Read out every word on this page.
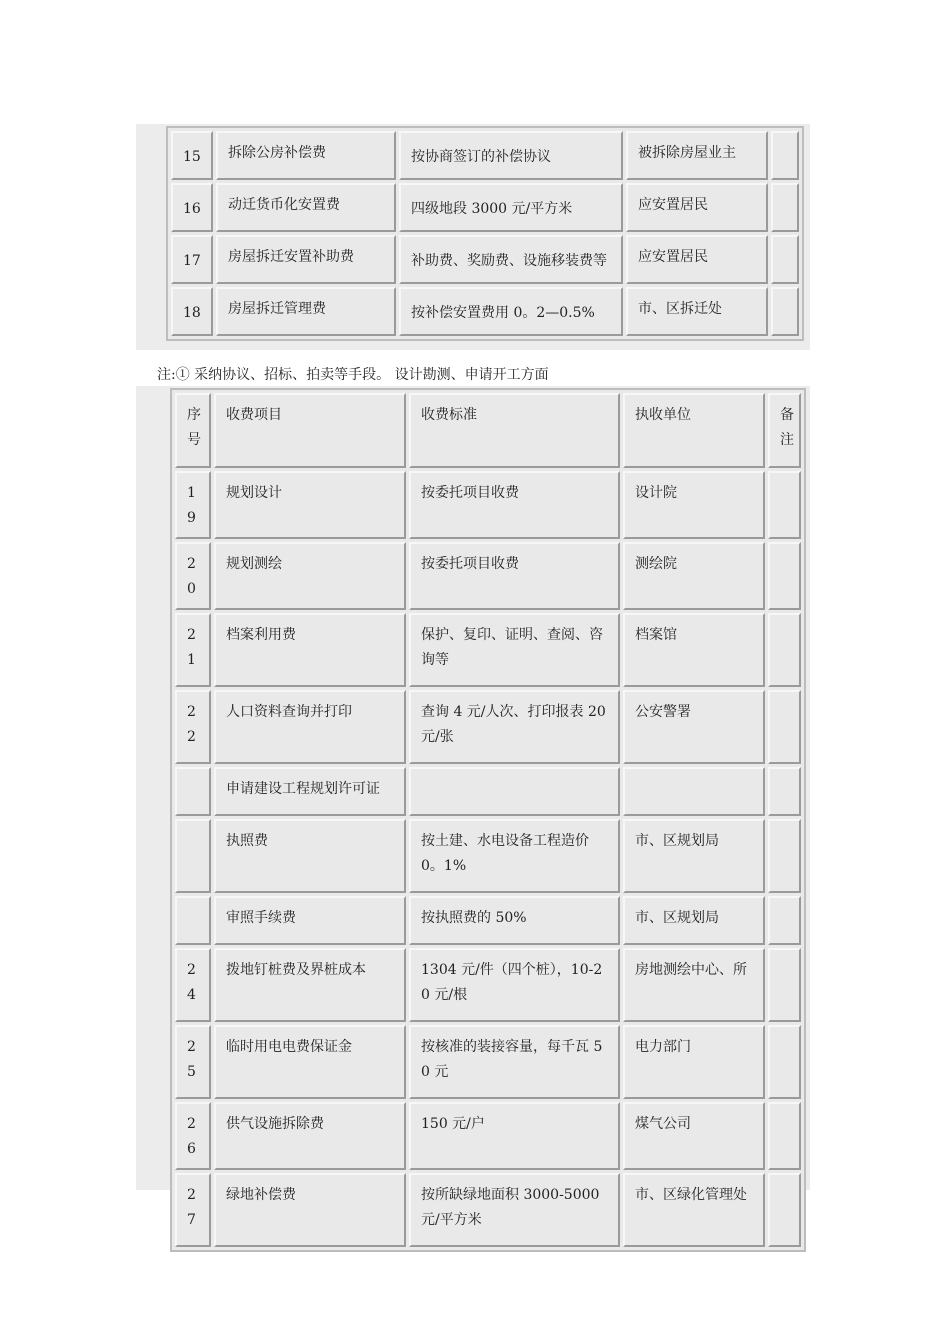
15	拆除公房补偿费	按协商签订的补偿协议	被拆除房屋业主	
16	动迁货币化安置费	四级地段 3000 元/平方米	应安置居民	
17	房屋拆迁安置补助费	补助费、奖励费、设施移装费等	应安置居民	
18	房屋拆迁管理费	按补偿安置费用 0。2—0.5%	市、区拆迁处	
注:① 采纳协议、招标、拍卖等手段。 设计勘测、申请开工方面
序号	收费项目	收费标准	执收单位	备注
19	规划设计	按委托项目收费	设计院	
20	规划测绘	按委托项目收费	测绘院	
21	档案利用费	保护、复印、证明、查阅、咨询等	档案馆	
22	人口资料查询并打印	查询 4 元/人次、打印报表 20 元/张	公安警署	
	申请建设工程规划许可证			
	执照费	按土建、水电设备工程造价 0。1%	市、区规划局	
	审照手续费	按执照费的 50%	市、区规划局	
24	拨地钉桩费及界桩成本	1304 元/件（四个桩），10-20 元/根	房地测绘中心、所	
25	临时用电电费保证金	按核准的装接容量，每千瓦 50 元	电力部门	
26	供气设施拆除费	150 元/户	煤气公司	
27	绿地补偿费	按所缺绿地面积 3000-5000 元/平方米	市、区绿化管理处	
